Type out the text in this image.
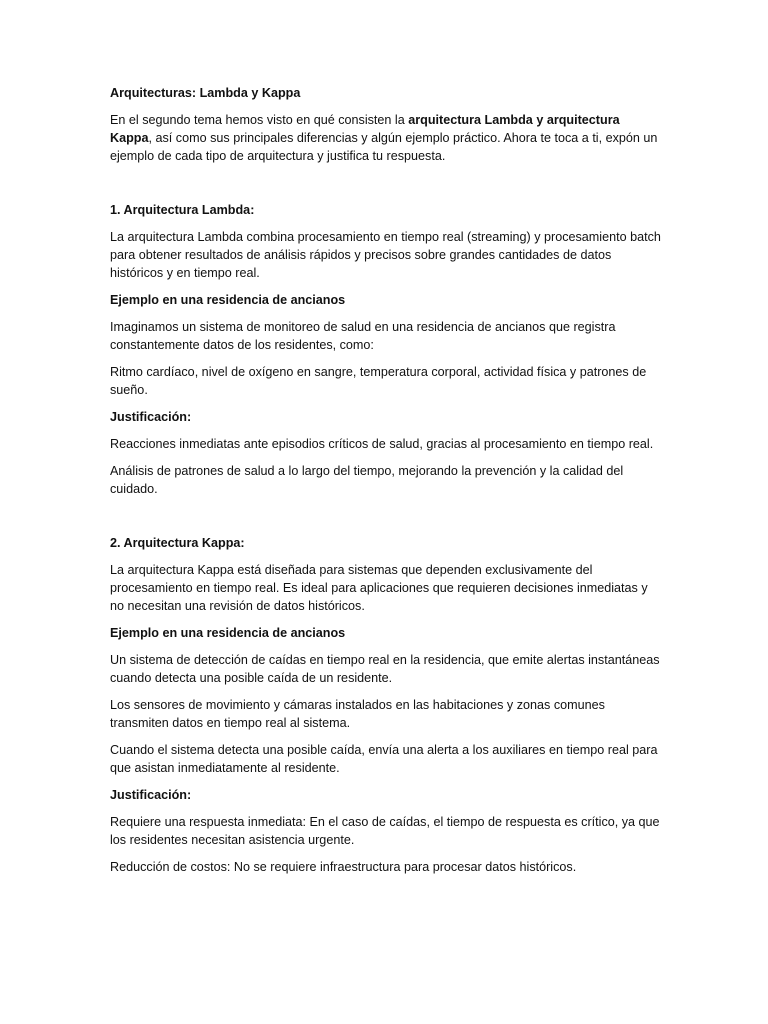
Arquitecturas: Lambda y Kappa

En el segundo tema hemos visto en qué consisten la arquitectura Lambda y arquitectura Kappa, así como sus principales diferencias y algún ejemplo práctico. Ahora te toca a ti, expón un ejemplo de cada tipo de arquitectura y justifica tu respuesta.

1. Arquitectura Lambda:

La arquitectura Lambda combina procesamiento en tiempo real (streaming) y procesamiento batch para obtener resultados de análisis rápidos y precisos sobre grandes cantidades de datos históricos y en tiempo real.

Ejemplo en una residencia de ancianos

Imaginamos un sistema de monitoreo de salud en una residencia de ancianos que registra constantemente datos de los residentes, como:

Ritmo cardíaco, nivel de oxígeno en sangre, temperatura corporal, actividad física y patrones de sueño.

Justificación:

Reacciones inmediatas ante episodios críticos de salud, gracias al procesamiento en tiempo real.

Análisis de patrones de salud a lo largo del tiempo, mejorando la prevención y la calidad del cuidado.

2. Arquitectura Kappa:

La arquitectura Kappa está diseñada para sistemas que dependen exclusivamente del procesamiento en tiempo real. Es ideal para aplicaciones que requieren decisiones inmediatas y no necesitan una revisión de datos históricos.

Ejemplo en una residencia de ancianos

Un sistema de detección de caídas en tiempo real en la residencia, que emite alertas instantáneas cuando detecta una posible caída de un residente.

Los sensores de movimiento y cámaras instalados en las habitaciones y zonas comunes transmiten datos en tiempo real al sistema.

Cuando el sistema detecta una posible caída, envía una alerta a los auxiliares en tiempo real para que asistan inmediatamente al residente.

Justificación:

Requiere una respuesta inmediata: En el caso de caídas, el tiempo de respuesta es crítico, ya que los residentes necesitan asistencia urgente.

Reducción de costos: No se requiere infraestructura para procesar datos históricos.
